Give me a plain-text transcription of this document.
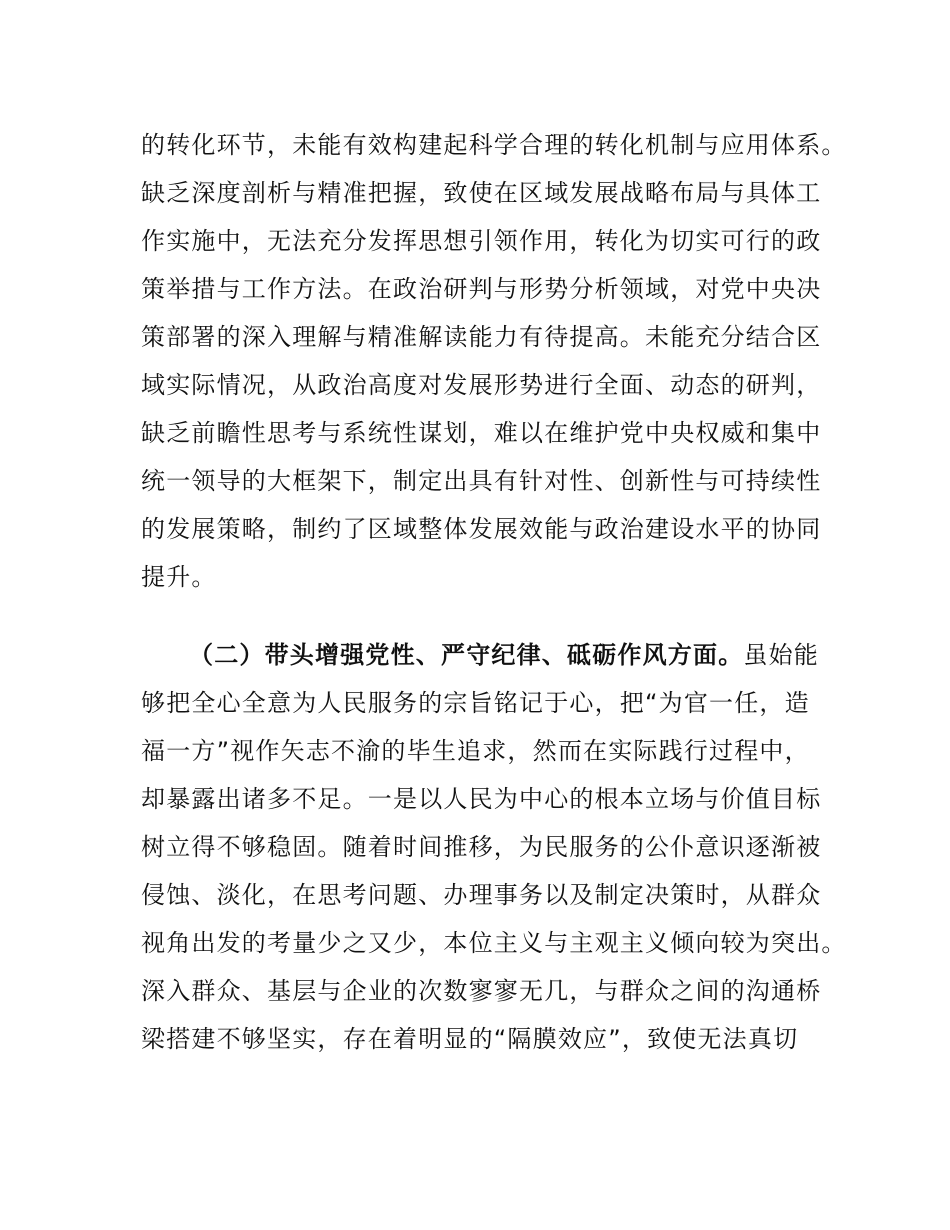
的转化环节，未能有效构建起科学合理的转化机制与应用体系。
缺乏深度剖析与精准把握，致使在区域发展战略布局与具体工
作实施中，无法充分发挥思想引领作用，转化为切实可行的政
策举措与工作方法。在政治研判与形势分析领域，对党中央决
策部署的深入理解与精准解读能力有待提高。未能充分结合区
域实际情况，从政治高度对发展形势进行全面、动态的研判，
缺乏前瞻性思考与系统性谋划，难以在维护党中央权威和集中
统一领导的大框架下，制定出具有针对性、创新性与可持续性
的发展策略，制约了区域整体发展效能与政治建设水平的协同
提升。
（二）带头增强党性、严守纪律、砥砺作风方面。虽始能
够把全心全意为人民服务的宗旨铭记于心，把“为官一任，造
福一方”视作矢志不渝的毕生追求，然而在实际践行过程中，
却暴露出诸多不足。一是以人民为中心的根本立场与价值目标
树立得不够稳固。随着时间推移，为民服务的公仆意识逐渐被
侵蚀、淡化，在思考问题、办理事务以及制定决策时，从群众
视角出发的考量少之又少，本位主义与主观主义倾向较为突出。
深入群众、基层与企业的次数寥寥无几，与群众之间的沟通桥
梁搭建不够坚实，存在着明显的“隔膜效应”，致使无法真切
